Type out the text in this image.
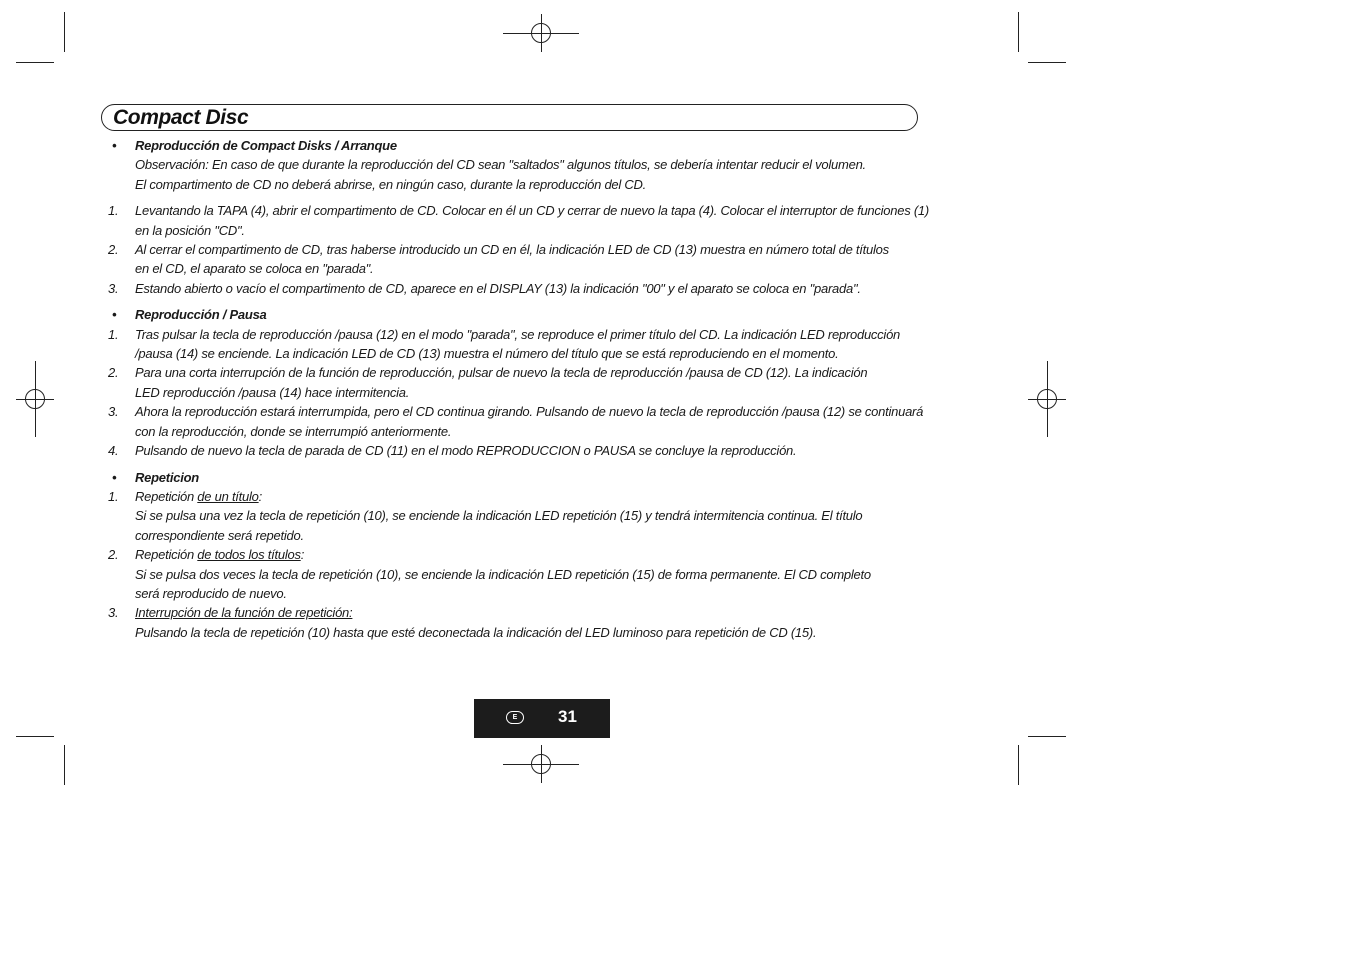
Compact Disc
•	Reproducción de Compact Disks / Arranque
Observación: En caso de que durante la reproducción del CD sean "saltados" algunos títulos, se debería intentar reducir el volumen.
El compartimento de CD no deberá abrirse, en ningún caso, durante la reproducción del CD.
1.	Levantando la TAPA (4), abrir el compartimento de CD. Colocar en él un CD y cerrar de nuevo la tapa (4). Colocar el interruptor de funciones (1)
en la posición "CD".
2.	Al cerrar el compartimento de CD, tras haberse introducido un CD en él, la indicación LED de CD (13) muestra en número total de títulos
en el CD, el aparato se coloca en "parada".
3.	Estando abierto o vacío el compartimento de CD, aparece en el DISPLAY (13) la indicación "00" y el aparato se coloca en "parada".
•	Reproducción / Pausa
1.	Tras pulsar la tecla de reproducción /pausa (12) en el modo "parada", se reproduce el primer título del CD. La indicación LED reproducción
/pausa (14) se enciende. La indicación LED de CD (13) muestra el número del título que se está reproduciendo en el momento.
2.	Para una corta interrupción de la función de reproducción, pulsar de nuevo la tecla de reproducción /pausa de CD (12). La indicación
LED reproducción /pausa (14) hace intermitencia.
3.	Ahora la reproducción estará interrumpida, pero el CD continua girando. Pulsando de nuevo la tecla de reproducción /pausa (12) se continuará
con la reproducción, donde se interrumpió anteriormente.
4.	Pulsando de nuevo la tecla de parada de CD (11) en el modo REPRODUCCION o PAUSA se concluye la reproducción.
•	Repeticion
1.	Repetición de un título:
Si se pulsa una vez la tecla de repetición (10), se enciende la indicación LED repetición (15) y tendrá intermitencia continua. El título
correspondiente será repetido.
2.	Repetición de todos los títulos:
Si se pulsa dos veces la tecla de repetición (10), se enciende la indicación LED repetición (15) de forma permanente. El CD completo
será reproducido de nuevo.
3.	Interrupción de la función de repetición:
Pulsando la tecla de repetición (10) hasta que esté deconectada la indicación del LED luminoso para repetición de CD (15).
E	31
